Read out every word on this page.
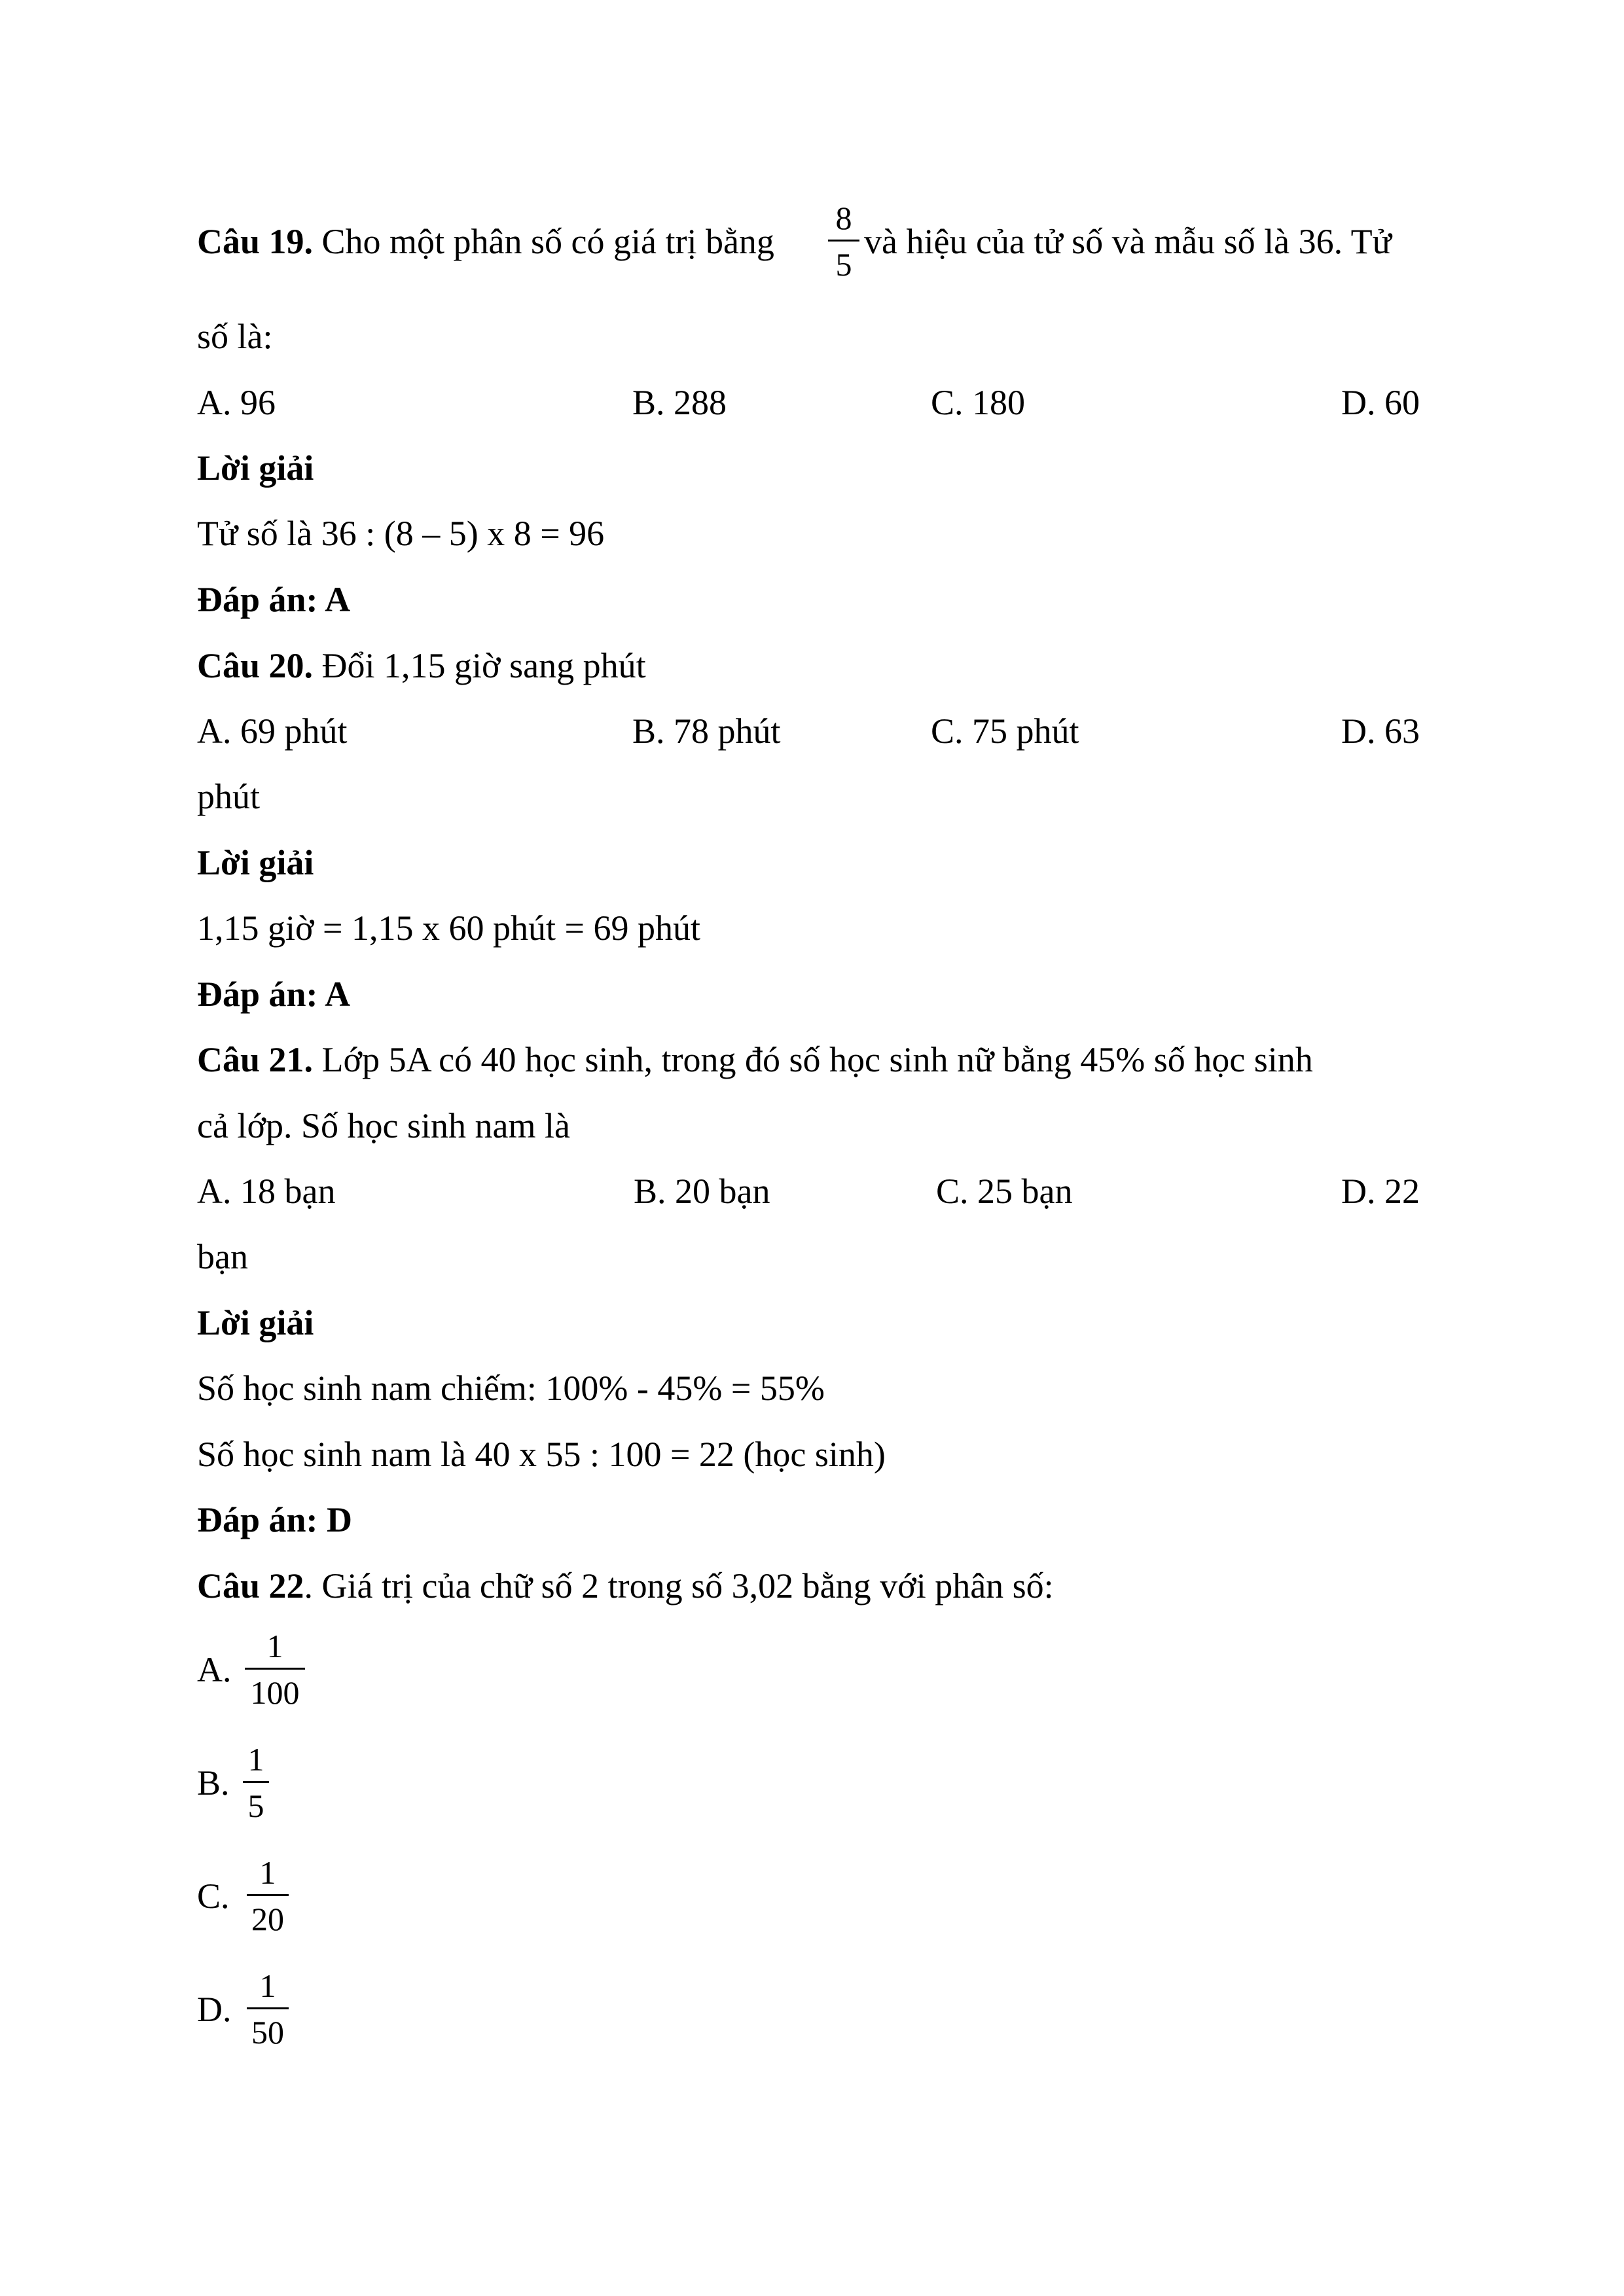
Câu 19. Cho một phân số có giá trị bằng
8
5
và hiệu của tử số và mẫu số là 36. Tử
số là:
A. 96	B. 288	C. 180	D. 60
Lời giải
Tử số là 36 : (8 – 5) x 8 = 96
Đáp án: A
Câu 20. Đổi 1,15 giờ sang phút
A. 69 phút	B. 78 phút	C. 75 phút	D. 63
phút
Lời giải
1,15 giờ = 1,15 x 60 phút = 69 phút
Đáp án: A
Câu 21. Lớp 5A có 40 học sinh, trong đó số học sinh nữ bằng 45% số học sinh
cả lớp. Số học sinh nam là
A. 18 bạn	B. 20 bạn	C. 25 bạn	D. 22
bạn
Lời giải
Số học sinh nam chiếm: 100% - 45% = 55%
Số học sinh nam là 40 x 55 : 100 = 22 (học sinh)
Đáp án: D
Câu 22. Giá trị của chữ số 2 trong số 3,02 bằng với phân số:
A.
1
100
B.
1
5
C.
1
20
D.
1
50
